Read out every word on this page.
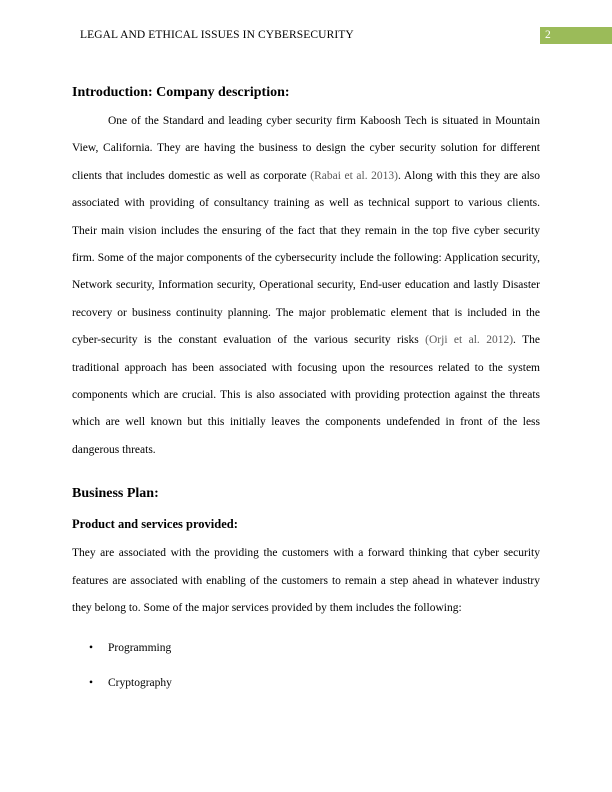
LEGAL AND ETHICAL ISSUES IN CYBERSECURITY	2
Introduction: Company description:

One of the Standard and leading cyber security firm Kaboosh Tech is situated in Mountain View, California. They are having the business to design the cyber security solution for different clients that includes domestic as well as corporate (Rabai et al. 2013). Along with this they are also associated with providing of consultancy training as well as technical support to various clients. Their main vision includes the ensuring of the fact that they remain in the top five cyber security firm. Some of the major components of the cybersecurity include the following: Application security, Network security, Information security, Operational security, End-user education and lastly Disaster recovery or business continuity planning. The major problematic element that is included in the cyber-security is the constant evaluation of the various security risks (Orji et al. 2012). The traditional approach has been associated with focusing upon the resources related to the system components which are crucial. This is also associated with providing protection against the threats which are well known but this initially leaves the components undefended in front of the less dangerous threats.

Business Plan:
Product and services provided:

They are associated with the providing the customers with a forward thinking that cyber security features are associated with enabling of the customers to remain a step ahead in whatever industry they belong to. Some of the major services provided by them includes the following:

• Programming
• Cryptography
